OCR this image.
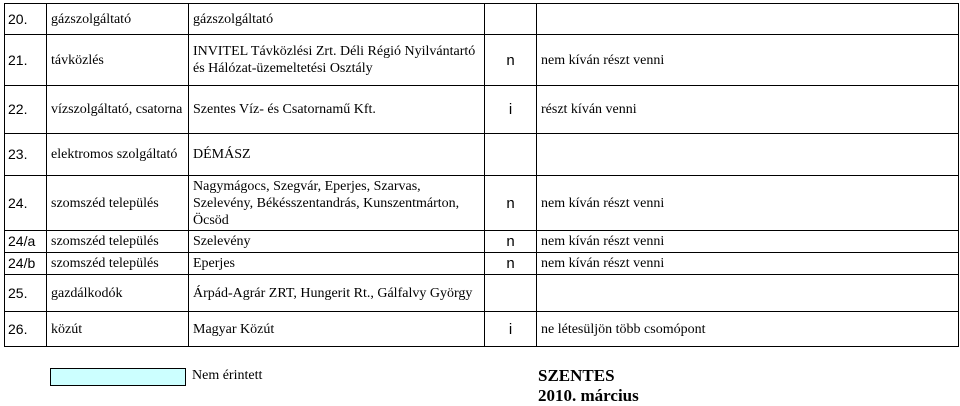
20.	gázszolgáltató	gázszolgáltató		
21.	távközlés	INVITEL Távközlési Zrt. Déli Régió Nyilvántartó és Hálózat-üzemeltetési Osztály	n	nem kíván részt venni
22.	vízszolgáltató, csatorna	Szentes Víz- és Csatornamű Kft.	i	részt kíván venni
23.	elektromos szolgáltató	DÉMÁSZ		
24.	szomszéd település	Nagymágocs, Szegvár, Eperjes, Szarvas, Szelevény, Békésszentandrás, Kunszentmárton, Öcsöd	n	nem kíván részt venni
24/a	szomszéd település	Szelevény	n	nem kíván részt venni
24/b	szomszéd település	Eperjes	n	nem kíván részt venni
25.	gazdálkodók	Árpád-Agrár ZRT, Hungerit Rt., Gálfalvy György		
26.	közút	Magyar Közút	i	ne létesüljön több csomópont
Nem érintett	SZENTES
2010. március
